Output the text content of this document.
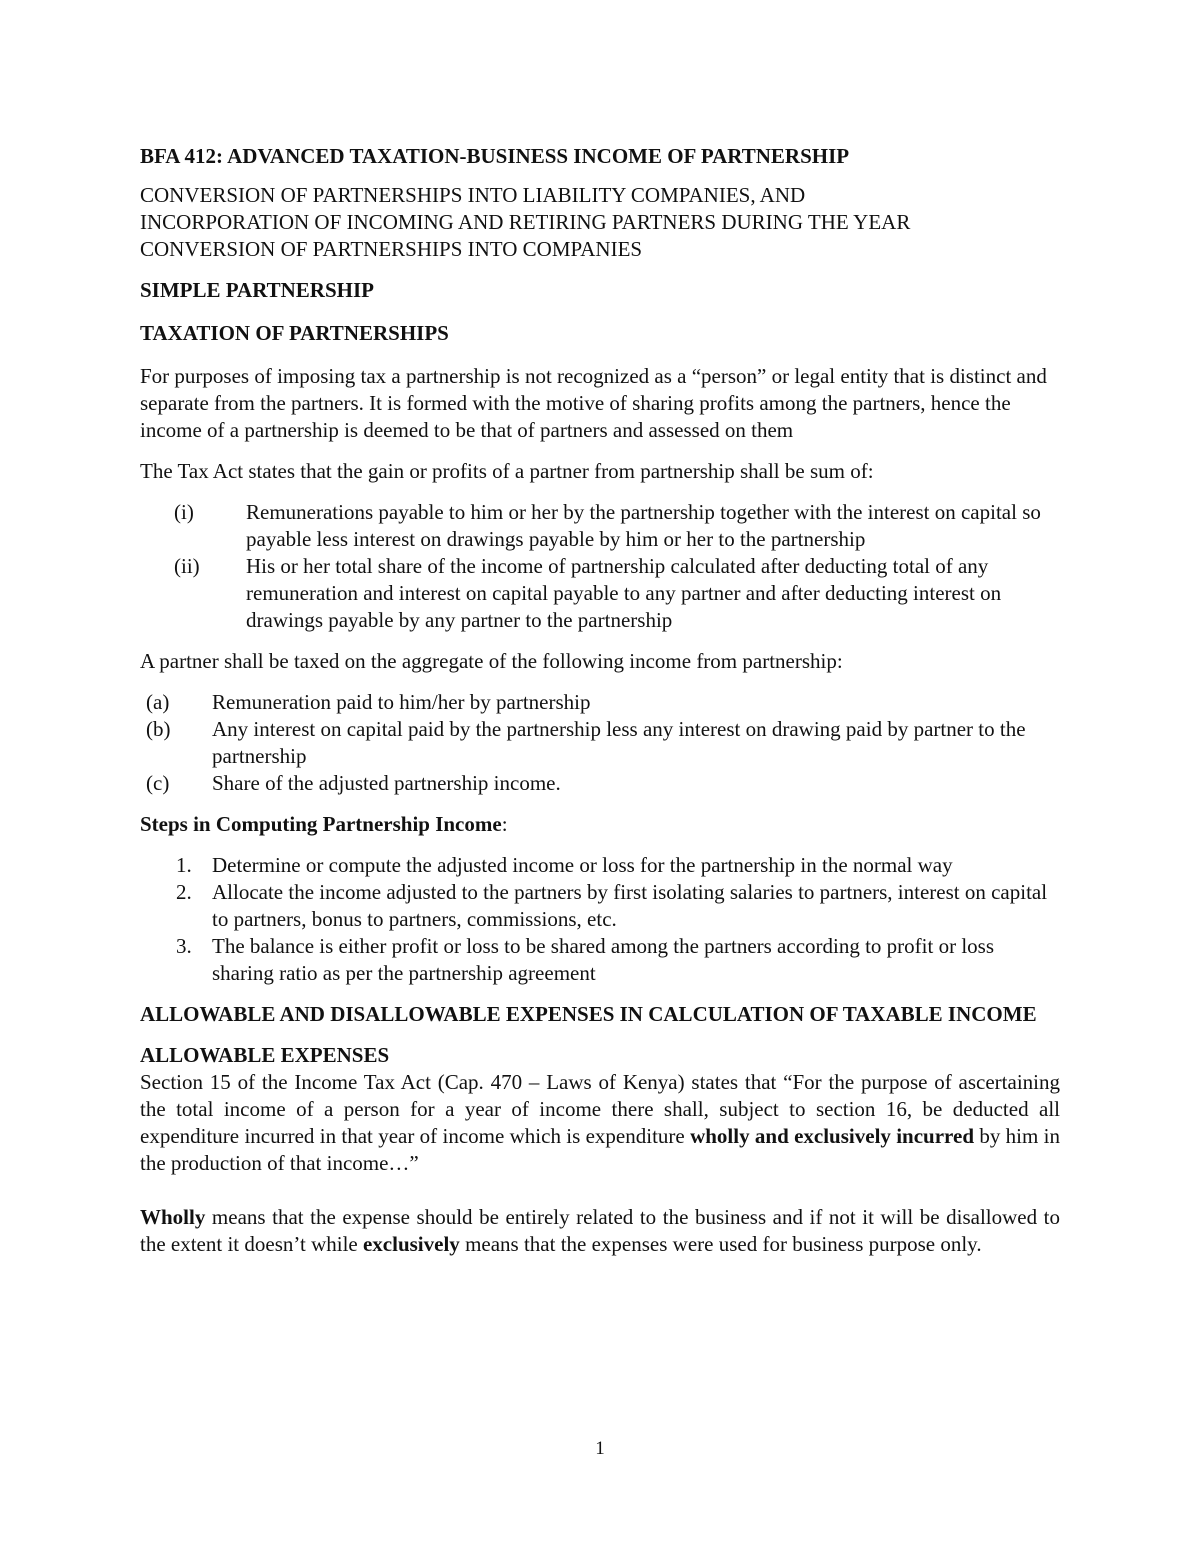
BFA 412: ADVANCED TAXATION-BUSINESS INCOME OF PARTNERSHIP
CONVERSION OF PARTNERSHIPS INTO LIABILITY COMPANIES, AND
INCORPORATION OF INCOMING AND RETIRING PARTNERS DURING THE YEAR
CONVERSION OF PARTNERSHIPS INTO COMPANIES
SIMPLE PARTNERSHIP
TAXATION OF PARTNERSHIPS

For purposes of imposing tax a partnership is not recognized as a “person” or legal entity that is distinct and separate from the partners. It is formed with the motive of sharing profits among the partners, hence the income of a partnership is deemed to be that of partners and assessed on them

The Tax Act states that the gain or profits of a partner from partnership shall be sum of:

(i)	Remunerations payable to him or her by the partnership together with the interest on capital so payable less interest on drawings payable by him or her to the partnership
(ii)	His or her total share of the income of partnership calculated after deducting total of any remuneration and interest on capital payable to any partner and after deducting interest on drawings payable by any partner to the partnership

A partner shall be taxed on the aggregate of the following income from partnership:

(a)	Remuneration paid to him/her by partnership
(b)	Any interest on capital paid by the partnership less any interest on drawing paid by partner to the partnership
(c)	Share of the adjusted partnership income.

Steps in Computing Partnership Income:

1. Determine or compute the adjusted income or loss for the partnership in the normal way
2. Allocate the income adjusted to the partners by first isolating salaries to partners, interest on capital to partners, bonus to partners, commissions, etc.
3. The balance is either profit or loss to be shared among the partners according to profit or loss sharing ratio as per the partnership agreement
ALLOWABLE AND DISALLOWABLE EXPENSES IN CALCULATION OF TAXABLE INCOME
ALLOWABLE EXPENSES

Section 15 of the Income Tax Act (Cap. 470 – Laws of Kenya) states that “For the purpose of ascertaining the total income of a person for a year of income there shall, subject to section 16, be deducted all expenditure incurred in that year of income which is expenditure wholly and exclusively incurred by him in the production of that income…”

Wholly means that the expense should be entirely related to the business and if not it will be disallowed to the extent it doesn’t while exclusively means that the expenses were used for business purpose only.

1
